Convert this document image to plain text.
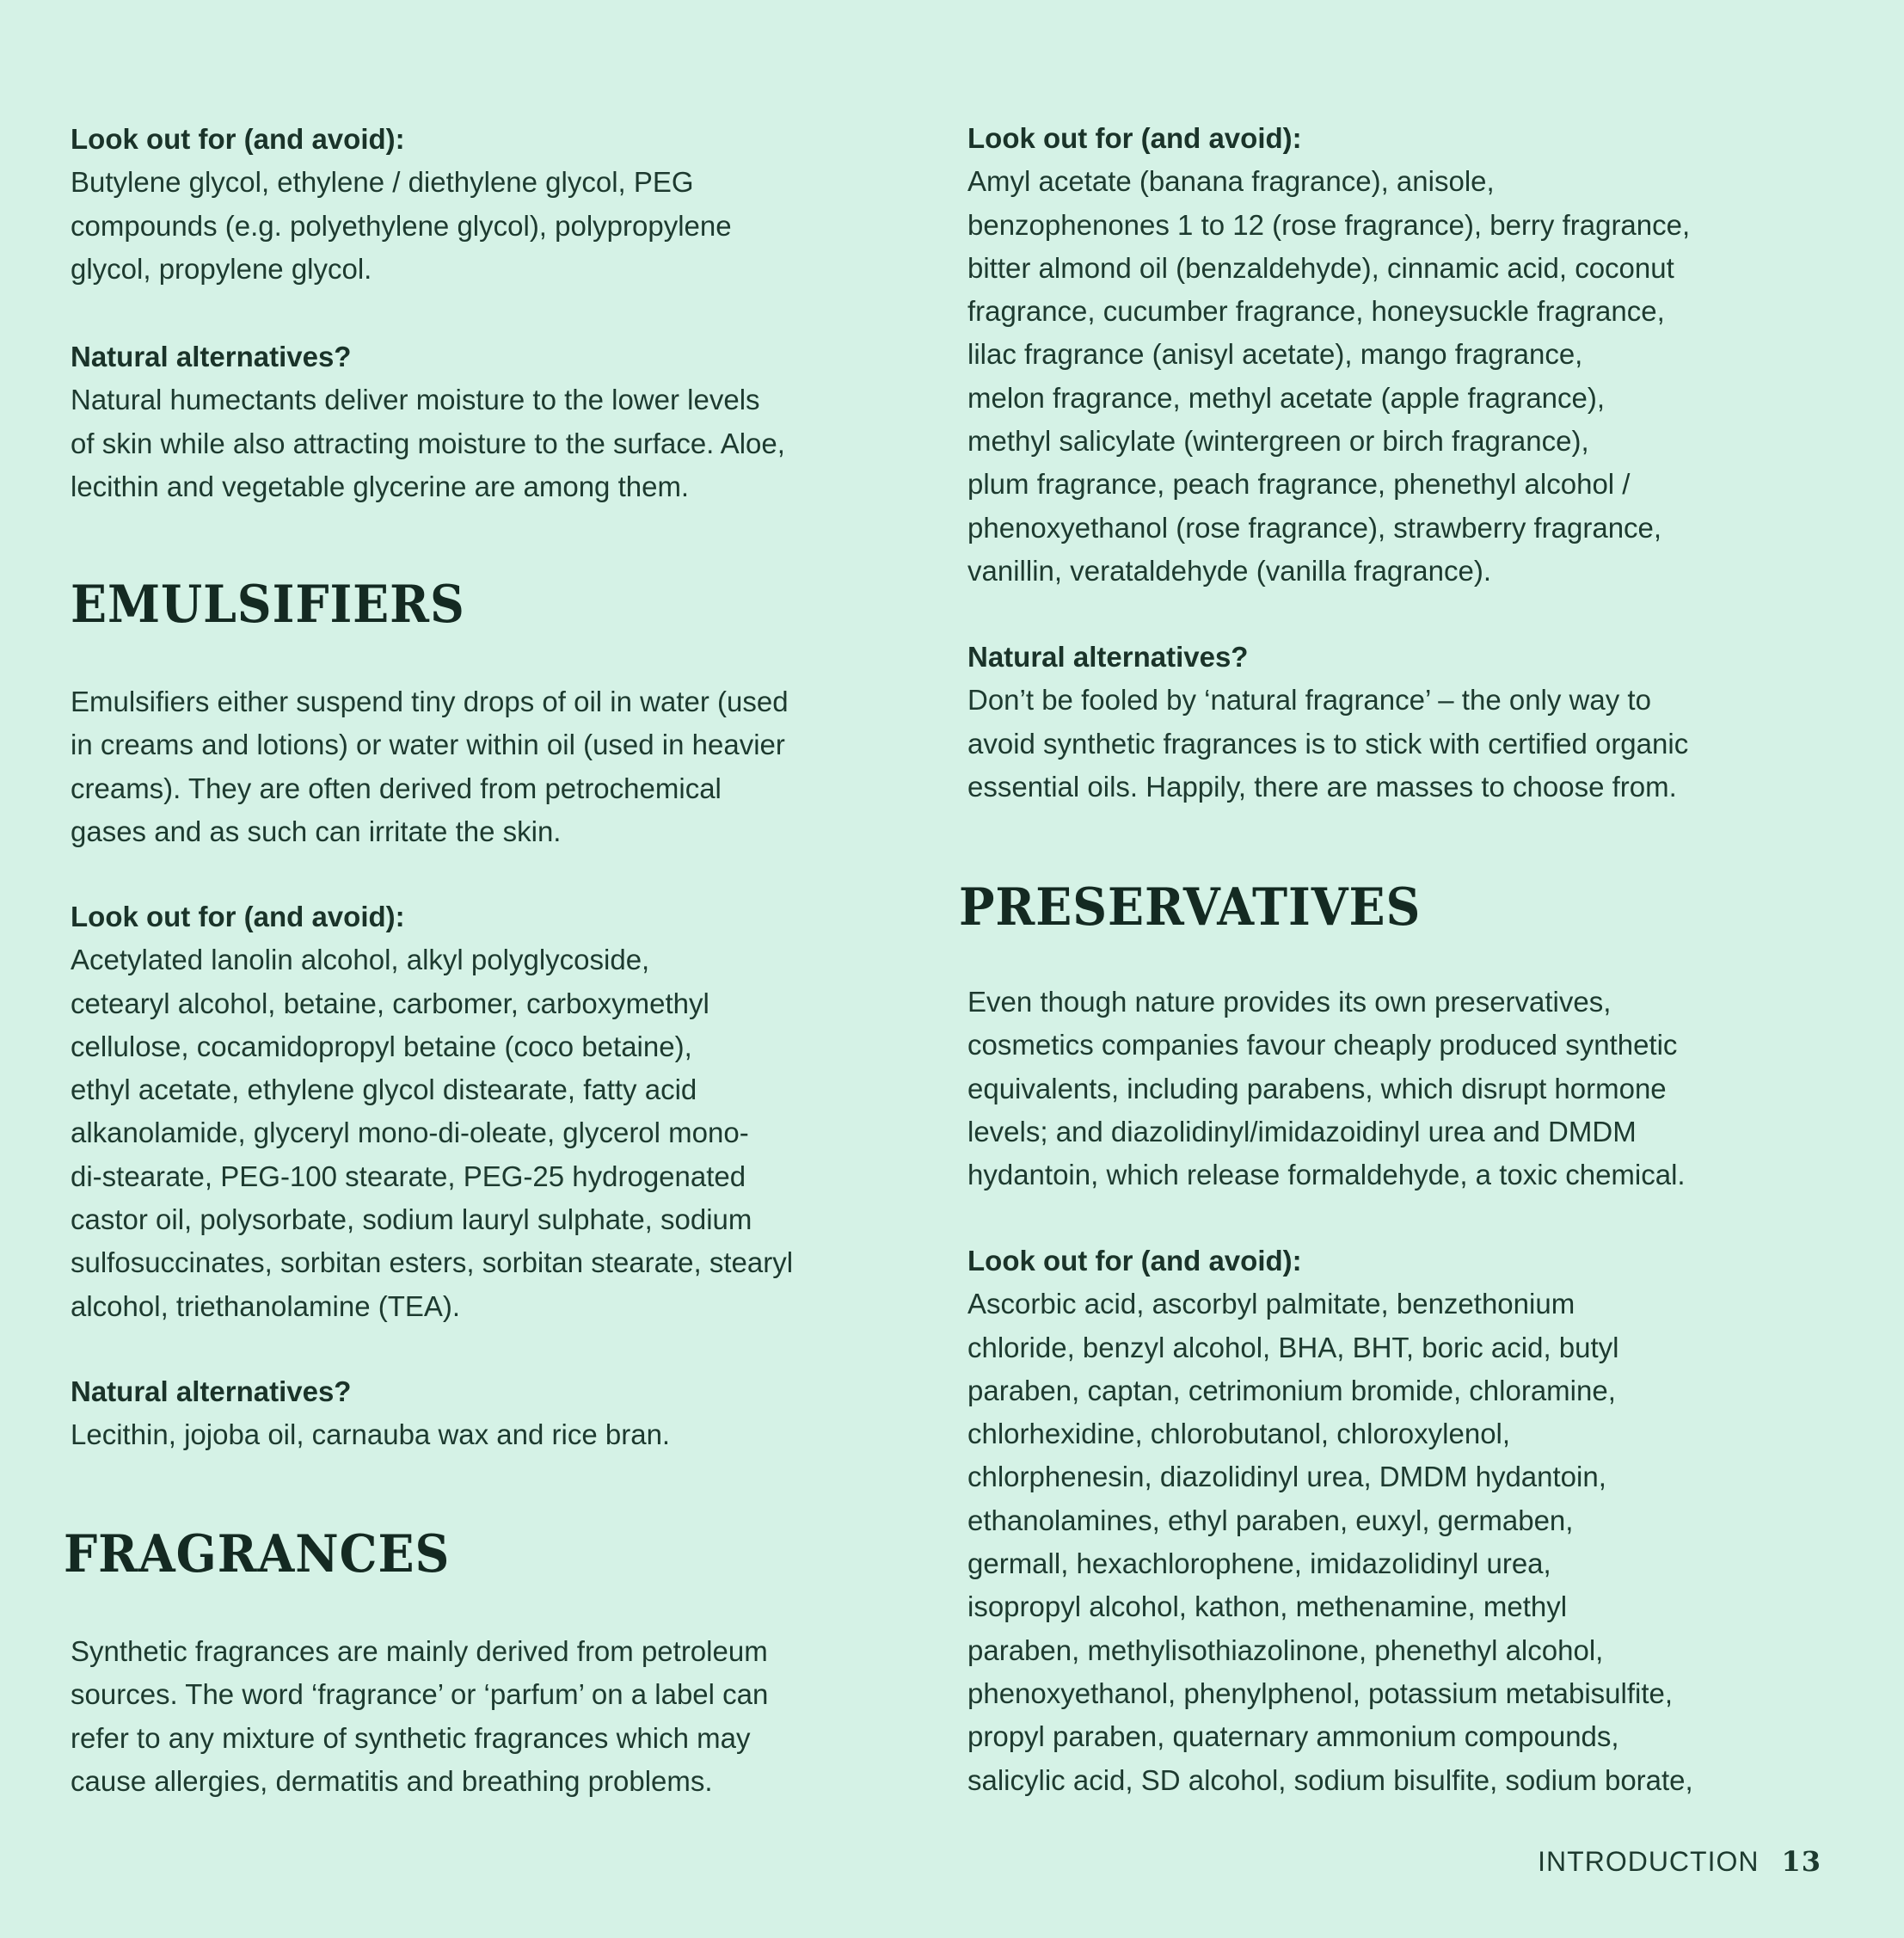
Look out for (and avoid):
Butylene glycol, ethylene / diethylene glycol, PEG
compounds (e.g. polyethylene glycol), polypropylene
glycol, propylene glycol.
Natural alternatives?
Natural humectants deliver moisture to the lower levels
of skin while also attracting moisture to the surface. Aloe,
lecithin and vegetable glycerine are among them.
EMULSIFIERS
Emulsifiers either suspend tiny drops of oil in water (used
in creams and lotions) or water within oil (used in heavier
creams). They are often derived from petrochemical
gases and as such can irritate the skin.
Look out for (and avoid):
Acetylated lanolin alcohol, alkyl polyglycoside,
cetearyl alcohol, betaine, carbomer, carboxymethyl
cellulose, cocamidopropyl betaine (coco betaine),
ethyl acetate, ethylene glycol distearate, fatty acid
alkanolamide, glyceryl mono-di-oleate, glycerol mono-
di-stearate, PEG-100 stearate, PEG-25 hydrogenated
castor oil, polysorbate, sodium lauryl sulphate, sodium
sulfosuccinates, sorbitan esters, sorbitan stearate, stearyl
alcohol, triethanolamine (TEA).
Natural alternatives?
Lecithin, jojoba oil, carnauba wax and rice bran.
FRAGRANCES
Synthetic fragrances are mainly derived from petroleum
sources. The word ‘fragrance’ or ‘parfum’ on a label can
refer to any mixture of synthetic fragrances which may
cause allergies, dermatitis and breathing problems.
Look out for (and avoid):
Amyl acetate (banana fragrance), anisole,
benzophenones 1 to 12 (rose fragrance), berry fragrance,
bitter almond oil (benzaldehyde), cinnamic acid, coconut
fragrance, cucumber fragrance, honeysuckle fragrance,
lilac fragrance (anisyl acetate), mango fragrance,
melon fragrance, methyl acetate (apple fragrance),
methyl salicylate (wintergreen or birch fragrance),
plum fragrance, peach fragrance, phenethyl alcohol /
phenoxyethanol (rose fragrance), strawberry fragrance,
vanillin, verataldehyde (vanilla fragrance).
Natural alternatives?
Don’t be fooled by ‘natural fragrance’ – the only way to
avoid synthetic fragrances is to stick with certified organic
essential oils. Happily, there are masses to choose from.
PRESERVATIVES
Even though nature provides its own preservatives,
cosmetics companies favour cheaply produced synthetic
equivalents, including parabens, which disrupt hormone
levels; and diazolidinyl/imidazoidinyl urea and DMDM
hydantoin, which release formaldehyde, a toxic chemical.
Look out for (and avoid):
Ascorbic acid, ascorbyl palmitate, benzethonium
chloride, benzyl alcohol, BHA, BHT, boric acid, butyl
paraben, captan, cetrimonium bromide, chloramine,
chlorhexidine, chlorobutanol, chloroxylenol,
chlorphenesin, diazolidinyl urea, DMDM hydantoin,
ethanolamines, ethyl paraben, euxyl, germaben,
germall, hexachlorophene, imidazolidinyl urea,
isopropyl alcohol, kathon, methenamine, methyl
paraben, methylisothiazolinone, phenethyl alcohol,
phenoxyethanol, phenylphenol, potassium metabisulfite,
propyl paraben, quaternary ammonium compounds,
salicylic acid, SD alcohol, sodium bisulfite, sodium borate,
INTRODUCTION 13
